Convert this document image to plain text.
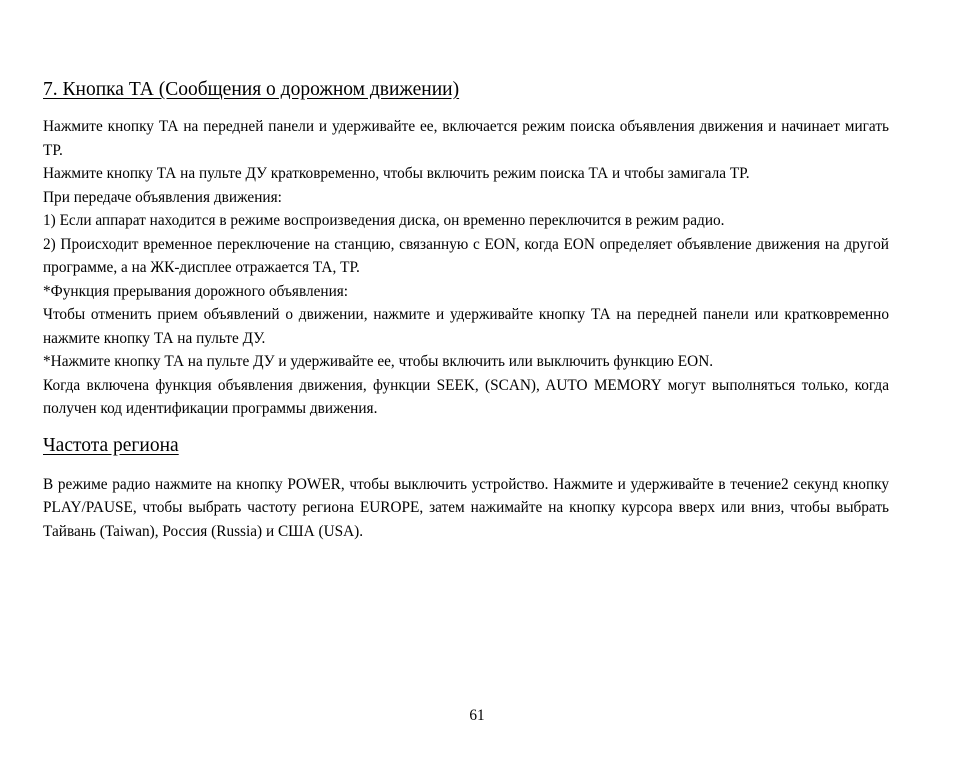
7. Кнопка ТА (Сообщения о дорожном движении)

Нажмите кнопку ТА на передней панели и удерживайте ее, включается режим поиска объявления движения и начинает мигать ТР.

Нажмите кнопку ТА на пульте ДУ кратковременно, чтобы включить режим поиска ТА и чтобы замигала ТР.

При передаче объявления движения:

1) Если аппарат находится в режиме воспроизведения диска, он временно переключится в режим радио.

2) Происходит временное переключение на станцию, связанную с EON, когда EON определяет объявление движения на другой программе, а на ЖК-дисплее отражается ТА, ТР.

*Функция прерывания дорожного объявления:

Чтобы отменить прием объявлений о движении, нажмите и удерживайте кнопку ТА на передней панели или кратковременно нажмите кнопку ТА на пульте ДУ.

*Нажмите кнопку ТА на пульте ДУ и удерживайте ее, чтобы включить или выключить функцию EON.

Когда включена функция объявления движения, функции SEEK, (SCAN), AUTO MEMORY могут выполняться только, когда получен код идентификации программы движения.

Частота региона

В режиме радио нажмите на кнопку POWER, чтобы выключить устройство. Нажмите и удерживайте в течение2 секунд кнопку PLAY/PAUSE, чтобы выбрать частоту региона EUROPE, затем нажимайте на кнопку курсора вверх или вниз, чтобы выбрать Тайвань (Taiwan), Россия (Russia) и США (USA).

61
